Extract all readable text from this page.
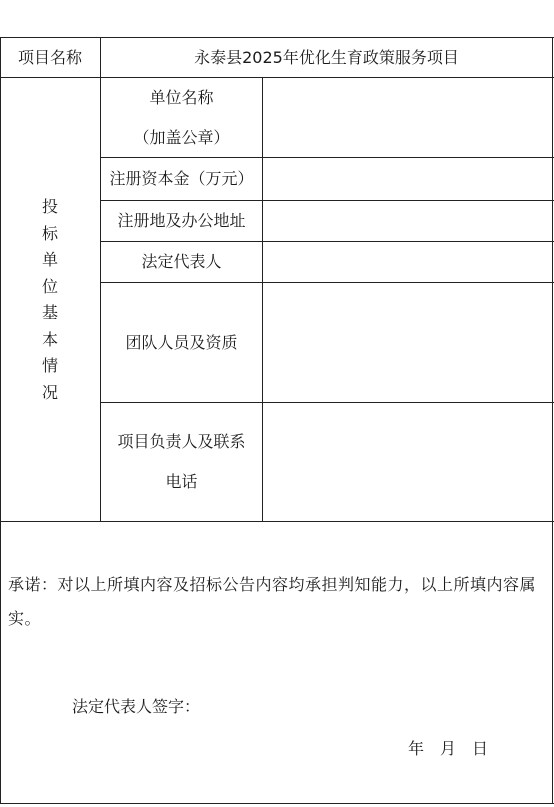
项目名称	永泰县2025年优化生育政策服务项目
投
标
单
位
基
本
情
况
单位名称
（加盖公章）
注册资本金（万元）
注册地及办公地址
法定代表人
团队人员及资质
项目负责人及联系
电话
承诺：对以上所填内容及招标公告内容均承担判知能力，以上所填内容属实。
法定代表人签字：
年　月　日
